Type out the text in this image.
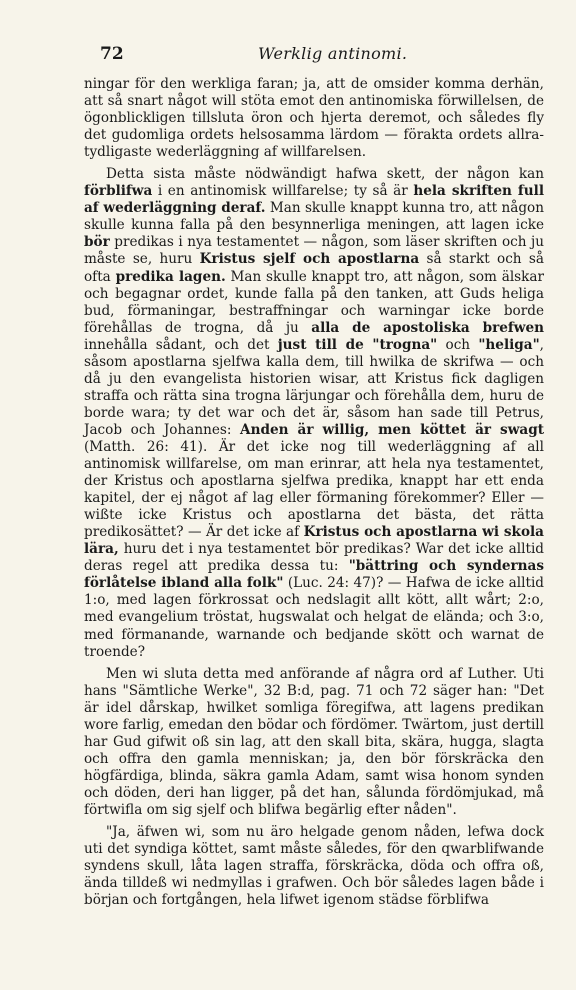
72	Werklig antinomi.

ningar för den werkliga faran; ja, att de omsider komma derhän, att så snart något will stöta emot den antinomiska förwillelsen, de ögonblickligen tillsluta öron och hjerta deremot, och således fly det gudomliga ordets helsosamma lärdom — förakta ordets allra-tydligaste wederläggning af willfarelsen.

Detta sista måste nödwändigt hafwa skett, der någon kan förblifwa i en antinomisk willfarelse; ty så är hela skriften full af wederläggning deraf. Man skulle knappt kunna tro, att någon skulle kunna falla på den besynnerliga meningen, att lagen icke bör predikas i nya testamentet — någon, som läser skriften och ju måste se, huru Kristus sjelf och apostlarna så starkt och så ofta predika lagen. Man skulle knappt tro, att någon, som älskar och begagnar ordet, kunde falla på den tanken, att Guds heliga bud, förmaningar, bestraffningar och warningar icke borde förehållas de trogna, då ju alla de apostoliska brefwen innehålla sådant, och det just till de "trogna" och "heliga", såsom apostlarna sjelfwa kalla dem, till hwilka de skrifwa — och då ju den evangelista historien wisar, att Kristus fick dagligen straffa och rätta sina trogna lärjungar och förehålla dem, huru de borde wara; ty det war och det är, såsom han sade till Petrus, Jacob och Johannes: Anden är willig, men köttet är swagt (Matth. 26: 41). Är det icke nog till wederläggning af all antinomisk willfarelse, om man erinrar, att hela nya testamentet, der Kristus och apostlarna sjelfwa predika, knappt har ett enda kapitel, der ej något af lag eller förmaning förekommer? Eller — wißte icke Kristus och apostlarna det bästa, det rätta predikosättet? — Är det icke af Kristus och apostlarna wi skola lära, huru det i nya testamentet bör predikas? War det icke alltid deras regel att predika dessa tu: "bättring och syndernas förlåtelse ibland alla folk" (Luc. 24: 47)? — Hafwa de icke alltid 1:o, med lagen förkrossat och nedslagit allt kött, allt wårt; 2:o, med evangelium tröstat, hugswalat och helgat de elända; och 3:o, med förmanande, warnande och bedjande skött och warnat de troende?

Men wi sluta detta med anförande af några ord af Luther. Uti hans "Sämtliche Werke", 32 B:d, pag. 71 och 72 säger han: "Det är idel dårskap, hwilket somliga föregifwa, att lagens predikan wore farlig, emedan den bödar och fördömer. Twärtom, just dertill har Gud gifwit oß sin lag, att den skall bita, skära, hugga, slagta och offra den gamla menniskan; ja, den bör förskräcka den högfärdiga, blinda, säkra gamla Adam, samt wisa honom synden och döden, deri han ligger, på det han, sålunda fördömjukad, må förtwifla om sig sjelf och blifwa begärlig efter nåden".

"Ja, äfwen wi, som nu äro helgade genom nåden, lefwa dock uti det syndiga köttet, samt måste således, för den qwarblifwande syndens skull, låta lagen straffa, förskräcka, döda och offra oß, ända tilldeß wi nedmyllas i grafwen. Och bör således lagen både i början och fortgången, hela lifwet igenom städse förblifwa
